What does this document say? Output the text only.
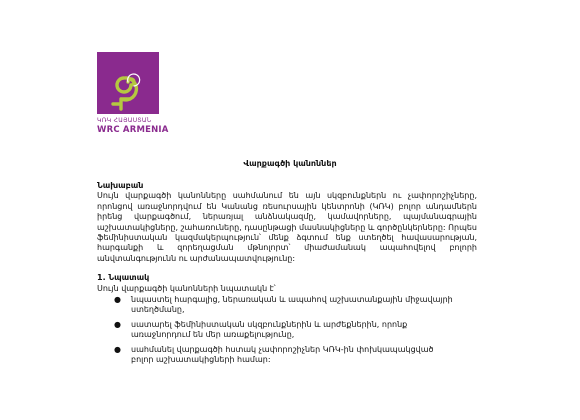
ԿՌԿ ՀԱՅԱՍՏԱՆ
WRC ARMENIA
Վարքագծի կանոններ

Նախաբան

Սույն վարքագծի կանոնները սահմանում են այն սկզբունքներն ու չափորոշիչները, որոնցով առաջնորդվում են Կանանց ռեսուրսային կենտրոնի (ԿՌԿ) բոլոր անդամներն իրենց վարքագծում, ներառյալ անձնակազմը, կամավորները, պայմանագրային աշխատակիցները, շահառուները, դասընթացի մասնակիցները և գործընկերները: Որպես ֆեմինիստական կազմակերպություն՝ մենք ձգտում ենք ստեղծել հավասարության, հարգանքի և զորեղացման մթնոլորտ՝ միաժամանակ ապահովելով բոլորի անվտանգությունն ու արժանապատվությունը:

1. Նպատակ

Սույն վարքագծի կանոնների նպատակն է՝

● նպաստել հարգալից, ներառական և ապահով աշխատանքային միջավայրի ստեղծմանը,
● սատարել ֆեմինիստական սկզբունքներին և արժեքներին, որոնք առաջնորդում են մեր առաքելությունը,
● սահմանել վարքագծի հստակ չափորոշիչներ ԿՌԿ-ին փոխկապակցված բոլոր աշխատակիցների համար:
